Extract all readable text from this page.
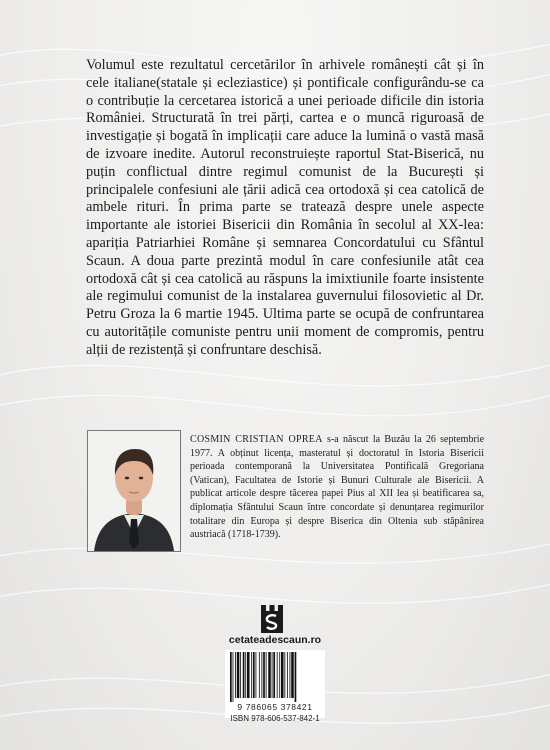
Volumul este rezultatul cercetărilor în arhivele românești cât și în cele italiane(statale și ecleziastice) și pontificale configurându-se ca o contribuție la cercetarea istorică a unei perioade dificile din istoria României. Structurată în trei părți, cartea e o muncă riguroasă de investigație și bogată în implicații care aduce la lumină o vastă masă de izvoare inedite. Autorul reconstruiește raportul Stat-Biserică, nu puțin conflictual dintre regimul comunist de la București și principalele confesiuni ale țării adică cea ortodoxă și cea catolică de ambele rituri. În prima parte se tratează despre unele aspecte importante ale istoriei Bisericii din România în secolul al XX-lea: apariția Patriarhiei Române și semnarea Concordatului cu Sfântul Scaun. A doua parte prezintă modul în care confesiunile atât cea ortodoxă cât și cea catolică au răspuns la imixtiunile foarte insistente ale regimului comunist de la instalarea guvernului filosovietic al Dr. Petru Groza la 6 martie 1945. Ultima parte se ocupă de confruntarea cu autoritățile comuniste pentru unii moment de compromis, pentru alții de rezistență și confruntare deschisă.

COSMIN CRISTIAN OPREA s-a născut la Buzău la 26 septembrie 1977. A obținut licența, masteratul și doctoratul în Istoria Bisericii perioada contemporană la Universitatea Pontificală Gregoriana (Vatican), Facultatea de Istorie și Bunuri Culturale ale Bisericii. A publicat articole despre tăcerea papei Pius al XII lea și beatificarea sa, diplomația Sfântului Scaun între concordate și denunțarea regimurilor totalitare din Europa și despre Biserica din Oltenia sub stăpânirea austriacă (1718-1739).

cetateadescaun.ro
9 786065 378421
ISBN 978-606-537-842-1
